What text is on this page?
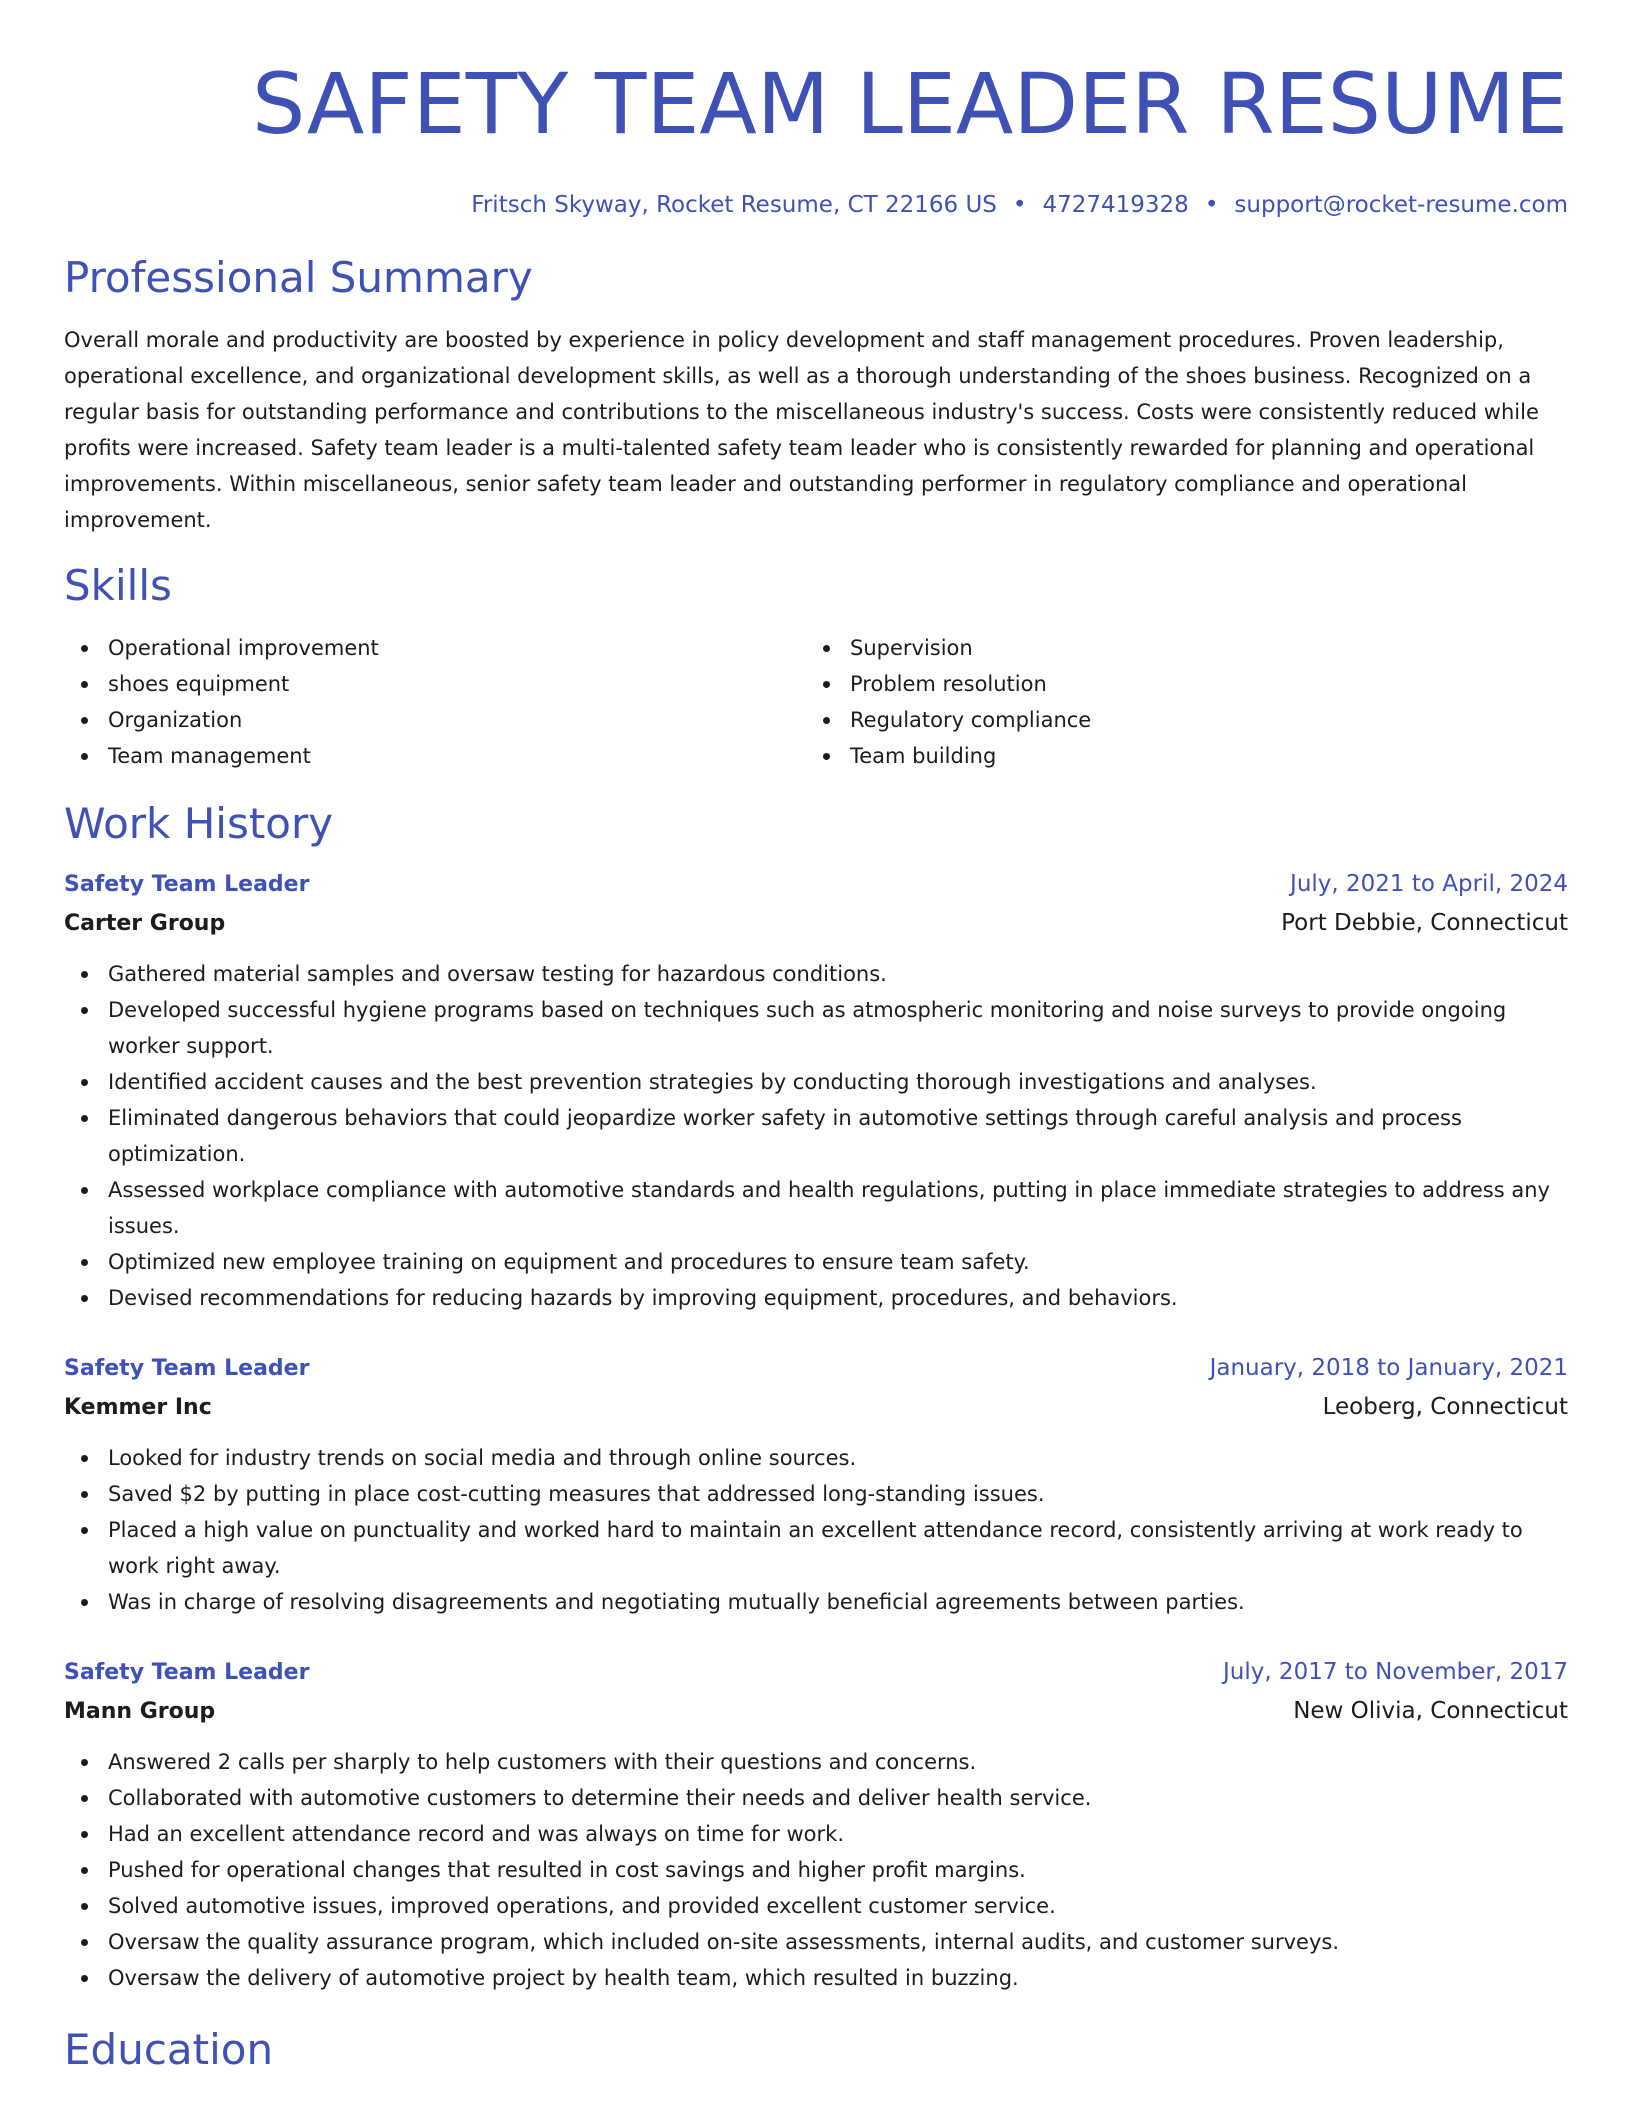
SAFETY TEAM LEADER RESUME
Fritsch Skyway, Rocket Resume, CT 22166 US • 4727419328 • support@rocket-resume.com
Professional Summary
Overall morale and productivity are boosted by experience in policy development and staff management procedures. Proven leadership, operational excellence, and organizational development skills, as well as a thorough understanding of the shoes business. Recognized on a regular basis for outstanding performance and contributions to the miscellaneous industry's success. Costs were consistently reduced while profits were increased. Safety team leader is a multi-talented safety team leader who is consistently rewarded for planning and operational improvements. Within miscellaneous, senior safety team leader and outstanding performer in regulatory compliance and operational improvement.
Skills
Operational improvement
shoes equipment
Organization
Team management
Supervision
Problem resolution
Regulatory compliance
Team building
Work History
Safety Team Leader	July, 2021 to April, 2024
Carter Group	Port Debbie, Connecticut
Gathered material samples and oversaw testing for hazardous conditions.
Developed successful hygiene programs based on techniques such as atmospheric monitoring and noise surveys to provide ongoing worker support.
Identified accident causes and the best prevention strategies by conducting thorough investigations and analyses.
Eliminated dangerous behaviors that could jeopardize worker safety in automotive settings through careful analysis and process optimization.
Assessed workplace compliance with automotive standards and health regulations, putting in place immediate strategies to address any issues.
Optimized new employee training on equipment and procedures to ensure team safety.
Devised recommendations for reducing hazards by improving equipment, procedures, and behaviors.
Safety Team Leader	January, 2018 to January, 2021
Kemmer Inc	Leoberg, Connecticut
Looked for industry trends on social media and through online sources.
Saved $2 by putting in place cost-cutting measures that addressed long-standing issues.
Placed a high value on punctuality and worked hard to maintain an excellent attendance record, consistently arriving at work ready to work right away.
Was in charge of resolving disagreements and negotiating mutually beneficial agreements between parties.
Safety Team Leader	July, 2017 to November, 2017
Mann Group	New Olivia, Connecticut
Answered 2 calls per sharply to help customers with their questions and concerns.
Collaborated with automotive customers to determine their needs and deliver health service.
Had an excellent attendance record and was always on time for work.
Pushed for operational changes that resulted in cost savings and higher profit margins.
Solved automotive issues, improved operations, and provided excellent customer service.
Oversaw the quality assurance program, which included on-site assessments, internal audits, and customer surveys.
Oversaw the delivery of automotive project by health team, which resulted in buzzing.
Education
